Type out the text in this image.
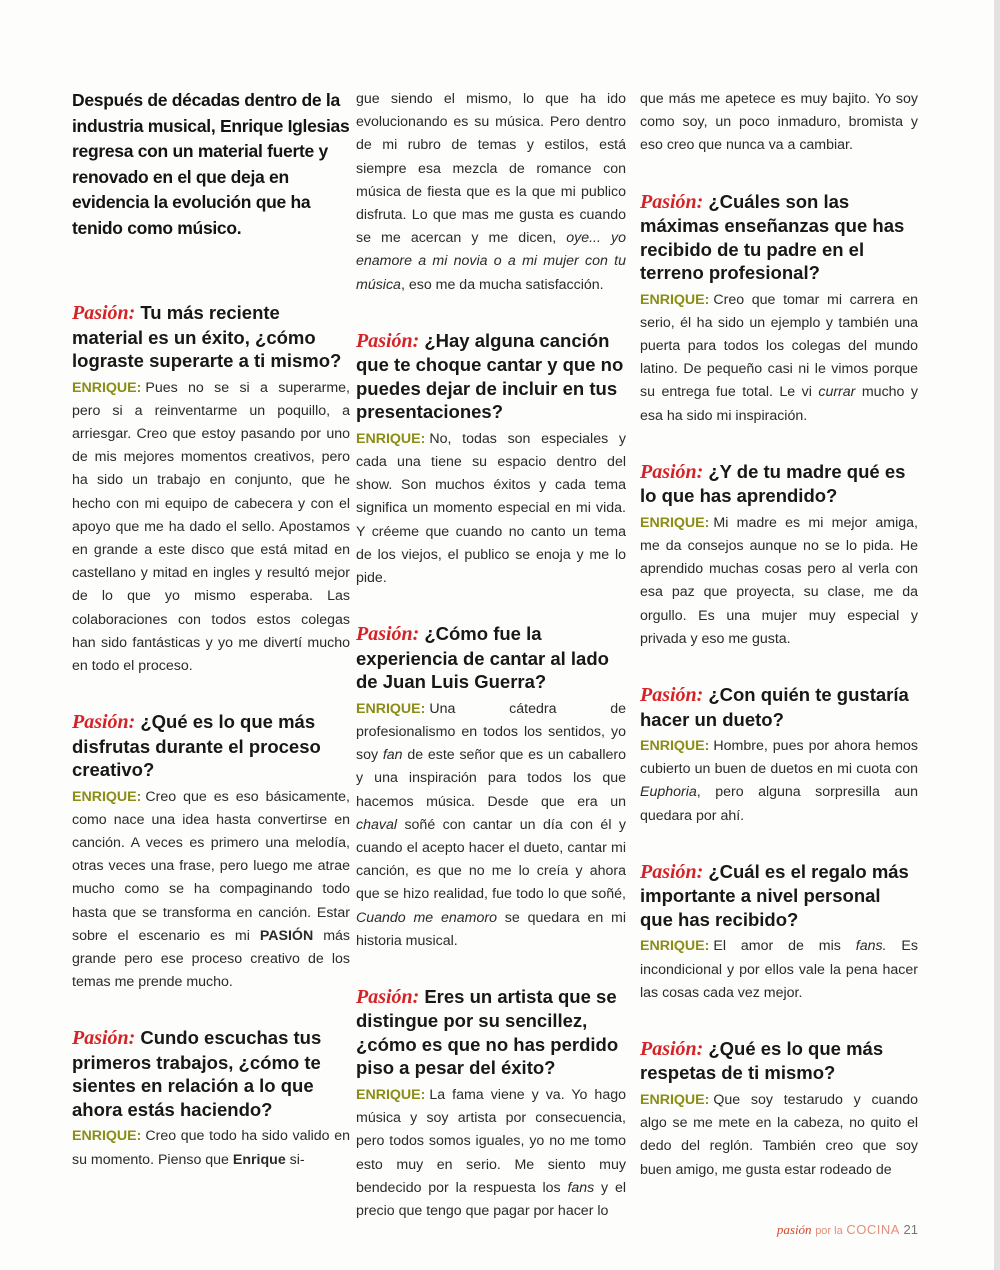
Después de décadas dentro de la industria musical, Enrique Iglesias regresa con un material fuerte y renovado en el que deja en evidencia la evolución que ha tenido como músico.

Pasión: Tu más reciente material es un éxito, ¿cómo lograste superarte a ti mismo?

ENRIQUE: Pues no se si a superarme, pero si a reinventarme un poquillo, a arriesgar. Creo que estoy pasando por uno de mis mejores momentos creativos, pero ha sido un trabajo en conjunto, que he hecho con mi equipo de cabecera y con el apoyo que me ha dado el sello. Apostamos en grande a este disco que está mitad en castellano y mitad en ingles y resultó mejor de lo que yo mismo esperaba. Las colaboraciones con todos estos colegas han sido fantásticas y yo me divertí mucho en todo el proceso.

Pasión: ¿Qué es lo que más disfrutas durante el proceso creativo?

ENRIQUE: Creo que es eso básicamente, como nace una idea hasta convertirse en canción. A veces es primero una melodía, otras veces una frase, pero luego me atrae mucho como se ha compaginando todo hasta que se transforma en canción. Estar sobre el escenario es mi PASIÓN más grande pero ese proceso creativo de los temas me prende mucho.

Pasión: Cundo escuchas tus primeros trabajos, ¿cómo te sientes en relación a lo que ahora estás haciendo?

ENRIQUE: Creo que todo ha sido valido en su momento. Pienso que Enrique si-

gue siendo el mismo, lo que ha ido evolucionando es su música. Pero dentro de mi rubro de temas y estilos, está siempre esa mezcla de romance con música de fiesta que es la que mi publico disfruta. Lo que mas me gusta es cuando se me acercan y me dicen, oye... yo enamore a mi novia o a mi mujer con tu música, eso me da mucha satisfacción.

Pasión: ¿Hay alguna canción que te choque cantar y que no puedes dejar de incluir en tus presentaciones?

ENRIQUE: No, todas son especiales y cada una tiene su espacio dentro del show. Son muchos éxitos y cada tema significa un momento especial en mi vida. Y créeme que cuando no canto un tema de los viejos, el publico se enoja y me lo pide.

Pasión: ¿Cómo fue la experiencia de cantar al lado de Juan Luis Guerra?

ENRIQUE: Una cátedra de profesionalismo en todos los sentidos, yo soy fan de este señor que es un caballero y una inspiración para todos los que hacemos música. Desde que era un chaval soñé con cantar un día con él y cuando el acepto hacer el dueto, cantar mi canción, es que no me lo creía y ahora que se hizo realidad, fue todo lo que soñé, Cuando me enamoro se quedara en mi historia musical.

Pasión: Eres un artista que se distingue por su sencillez, ¿cómo es que no has perdido piso a pesar del éxito?

ENRIQUE: La fama viene y va. Yo hago música y soy artista por consecuencia, pero todos somos iguales, yo no me tomo esto muy en serio. Me siento muy bendecido por la respuesta los fans y el precio que tengo que pagar por hacer lo

que más me apetece es muy bajito. Yo soy como soy, un poco inmaduro, bromista y eso creo que nunca va a cambiar.

Pasión: ¿Cuáles son las máximas enseñanzas que has recibido de tu padre en el terreno profesional?

ENRIQUE: Creo que tomar mi carrera en serio, él ha sido un ejemplo y también una puerta para todos los colegas del mundo latino. De pequeño casi ni le vimos porque su entrega fue total. Le vi currar mucho y esa ha sido mi inspiración.

Pasión: ¿Y de tu madre qué es lo que has aprendido?

ENRIQUE: Mi madre es mi mejor amiga, me da consejos aunque no se lo pida. He aprendido muchas cosas pero al verla con esa paz que proyecta, su clase, me da orgullo. Es una mujer muy especial y privada y eso me gusta.

Pasión: ¿Con quién te gustaría hacer un dueto?

ENRIQUE: Hombre, pues por ahora hemos cubierto un buen de duetos en mi cuota con Euphoria, pero alguna sorpresilla aun quedara por ahí.

Pasión: ¿Cuál es el regalo más importante a nivel personal que has recibido?

ENRIQUE: El amor de mis fans. Es incondicional y por ellos vale la pena hacer las cosas cada vez mejor.

Pasión: ¿Qué es lo que más respetas de ti mismo?

ENRIQUE: Que soy testarudo y cuando algo se me mete en la cabeza, no quito el dedo del reglón. También creo que soy buen amigo, me gusta estar rodeado de

pasión por la COCINA 21
